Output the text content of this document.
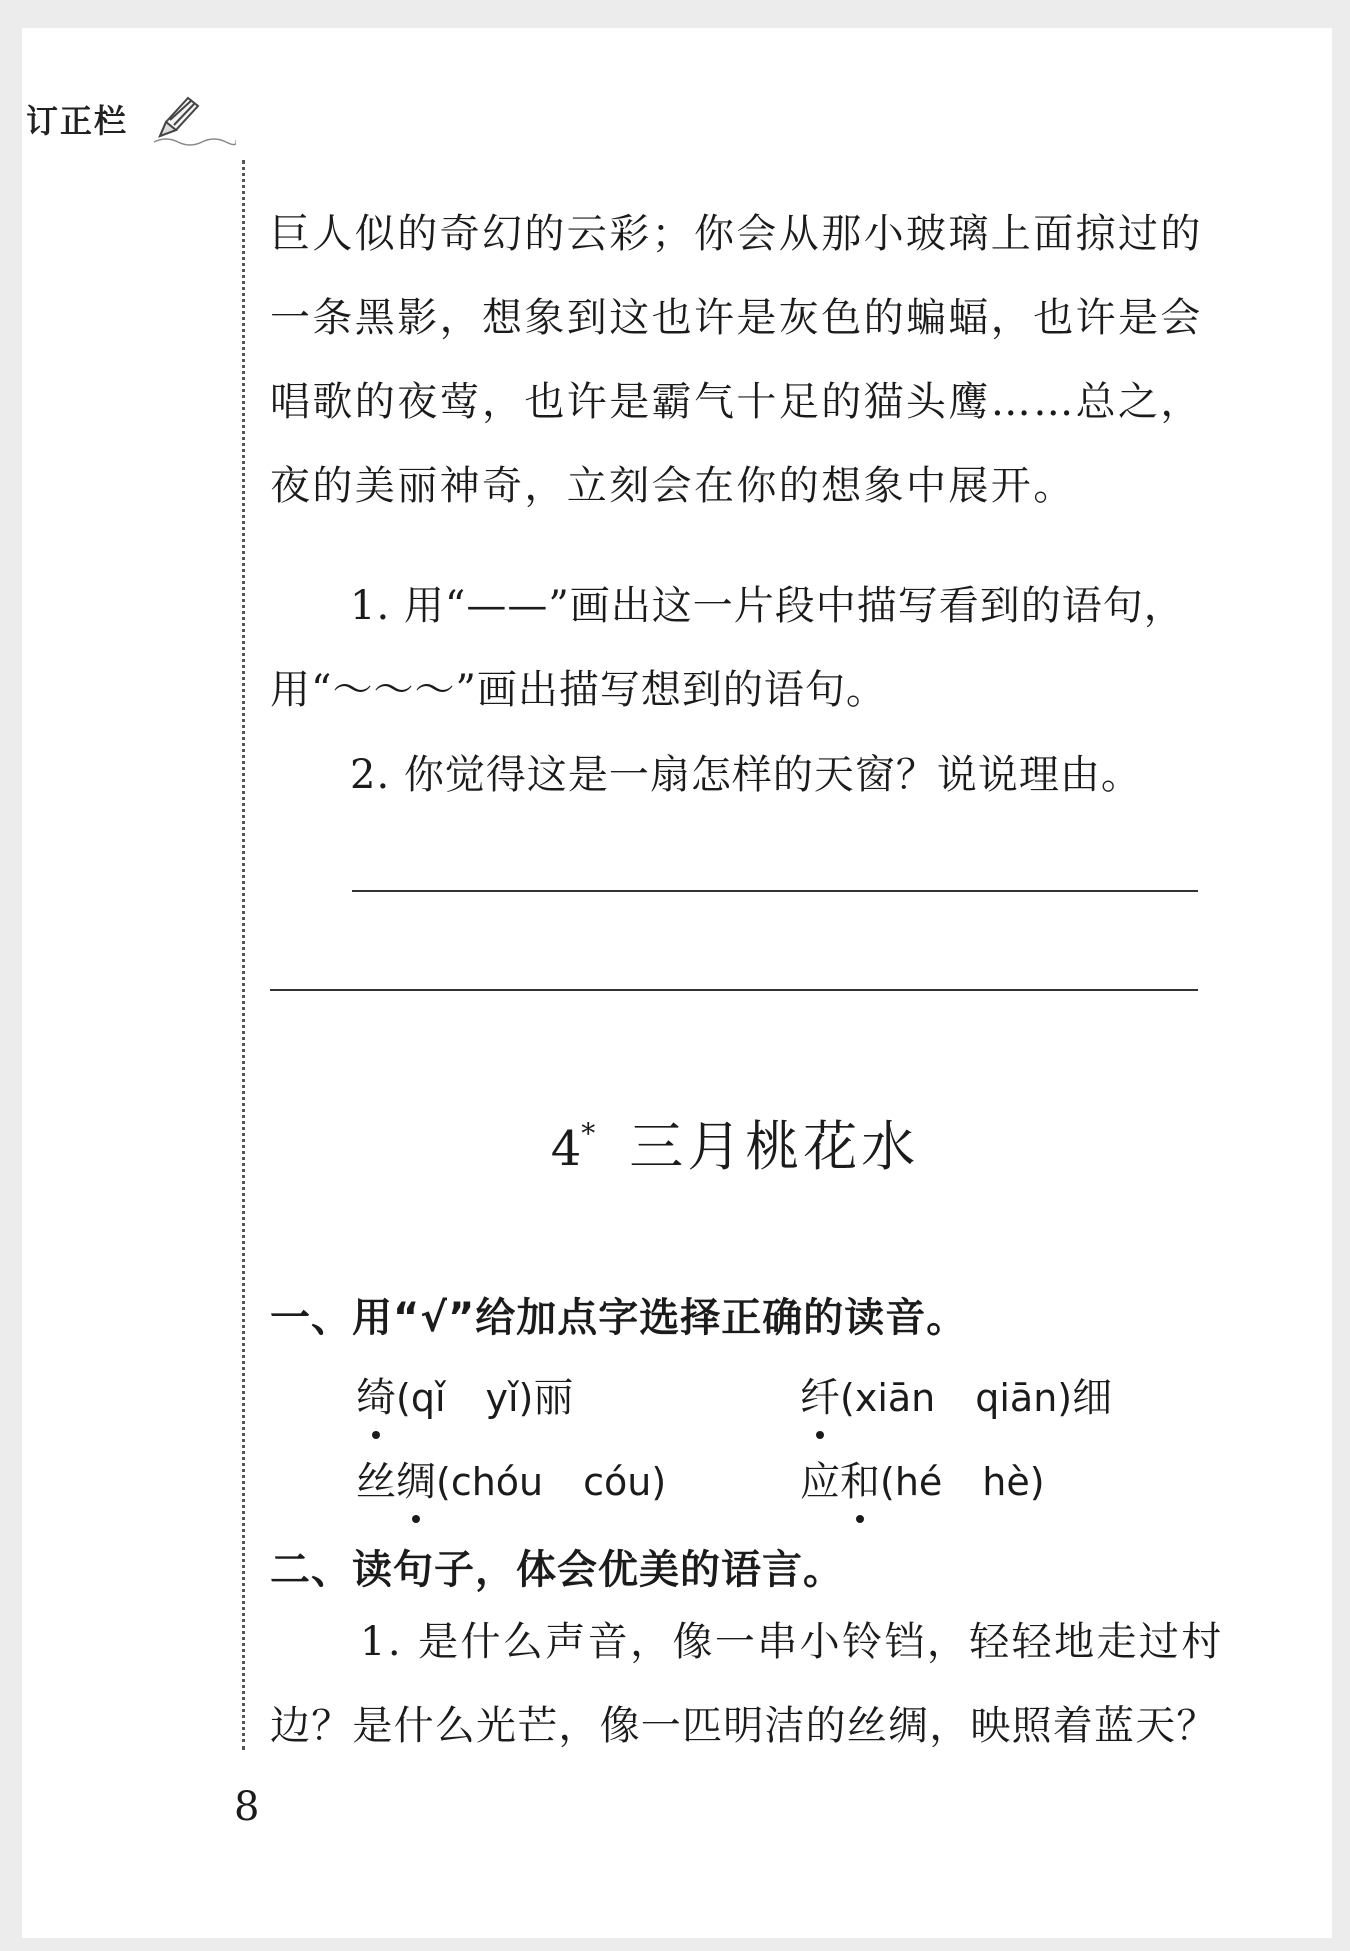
订正栏
巨人似的奇幻的云彩；你会从那小玻璃上面掠过的
一条黑影，想象到这也许是灰色的蝙蝠，也许是会
唱歌的夜莺，也许是霸气十足的猫头鹰……总之，
夜的美丽神奇，立刻会在你的想象中展开。
1. 用“——”画出这一片段中描写看到的语句，
用“～～～”画出描写想到的语句。
2. 你觉得这是一扇怎样的天窗？说说理由。
4* 三月桃花水
一、用“√”给加点字选择正确的读音。
绮(qǐ yǐ)丽	纤(xiān qiān)细
丝绸(chóu cóu)	应和(hé hè)
二、读句子，体会优美的语言。
1. 是什么声音，像一串小铃铛，轻轻地走过村
边？是什么光芒，像一匹明洁的丝绸，映照着蓝天？
8
